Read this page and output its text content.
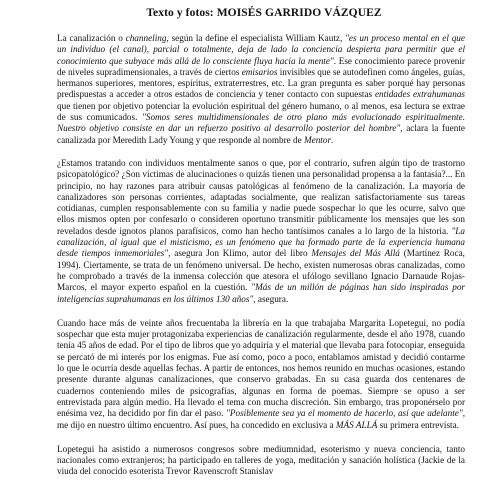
Texto y fotos: MOISÉS GARRIDO VÁZQUEZ

La canalización o channeling, según la define el especialista William Kautz, "es un proceso mental en el que un individuo (el canal), parcial o totalmente, deja de lado la conciencia despierta para permitir que el conocimiento que subyace más allá de lo consciente fluya hacia la mente". Ese conocimiento parece provenir de niveles supradimensionales, a través de ciertos emisarios invisibles que se autodefinen como ángeles, guías, hermanos superiores, mentores, espíritus, extraterrestres, etc. La gran pregunta es saber porqué hay personas predispuestas a acceder a otros estados de conciencia y tener contacto con supuestas entidades extrahumanas que tienen por objetivo potenciar la evolución espiritual del género humano, o al menos, esa lectura se extrae de sus comunicados. "Somos seres multidimensionales de otro plano más evolucionado espiritualmente. Nuestro objetivo consiste en dar un refuerzo positivo al desarrollo posterior del hombre", aclara la fuente canalizada por Meredith Lady Young y que responde al nombre de Mentor.

¿Estamos tratando con individuos mentalmente sanos o que, por el contrario, sufren algún tipo de trastorno psicopatológico? ¿Son víctimas de alucinaciones o quizás tienen una personalidad propensa a la fantasía?... En principio, no hay razones para atribuir causas patológicas al fenómeno de la canalización. La mayoría de canalizadores son personas corrientes, adaptadas socialmente, que realizan satisfactoriamente sus tareas cotidianas, cumplen responsablemente con su familia y nadie puede sospechar lo que les ocurre, salvo que ellos mismos opten por confesarlo o consideren oportuno transmitir públicamente los mensajes que les son revelados desde ignotos planos parafísicos, como han hecho tantísimos canales a lo largo de la historia. "La canalización, al igual que el misticismo, es un fenómeno que ha formado parte de la experiencia humana desde tiempos inmemoriales", asegura Jon Klimo, autor del libro Mensajes del Más Allá (Martínez Roca, 1994). Ciertamente, se trata de un fenómeno universal. De hecho, existen numerosas obras canalizadas, como he comprobado a través de la inmensa colección que atesora el ufólogo sevillano Ignacio Darnaude Rojas-Marcos, el mayor experto español en la cuestión. "Más de un millón de páginas han sido inspiradas por inteligencias suprahumanas en los últimos 130 años", asegura.

Cuando hace más de veinte años frecuentaba la librería en la que trabajaba Margarita Lopetegui, no podía sospechar que esta mujer protagonizaba experiencias de canalización regularmente, desde el año 1978, cuando tenía 45 años de edad. Por el tipo de libros que yo adquiría y el material que llevaba para fotocopiar, enseguida se percató de mi interés por los enigmas. Fue así como, poco a poco, entablamos amistad y decidió contarme lo que le ocurría desde aquellas fechas. A partir de entonces, nos hemos reunido en muchas ocasiones, estando presente durante algunas canalizaciones, que conservo grabadas. En su casa guarda dos centenares de cuadernos conteniendo miles de psicografías, algunas en forma de poemas. Siempre se opuso a ser entrevistada para algún medio. Ha llevado el tema con mucha discreción. Sin embargo, tras proponérselo por enésima vez, ha decidido por fin dar el paso. "Posiblemente sea ya el momento de hacerlo, así que adelante", me dijo en nuestro último encuentro. Así pues, ha concedido en exclusiva a MÁS ALLÁ su primera entrevista.

Lopetegui ha asistido a numerosos congresos sobre mediumnidad, esoterismo y nueva conciencia, tanto nacionales como extranjeros; ha participado en talleres de yoga, meditación y sanación holística (Jackie de la viuda del conocido esoterista Trevor Ravenscroft Stanislav
